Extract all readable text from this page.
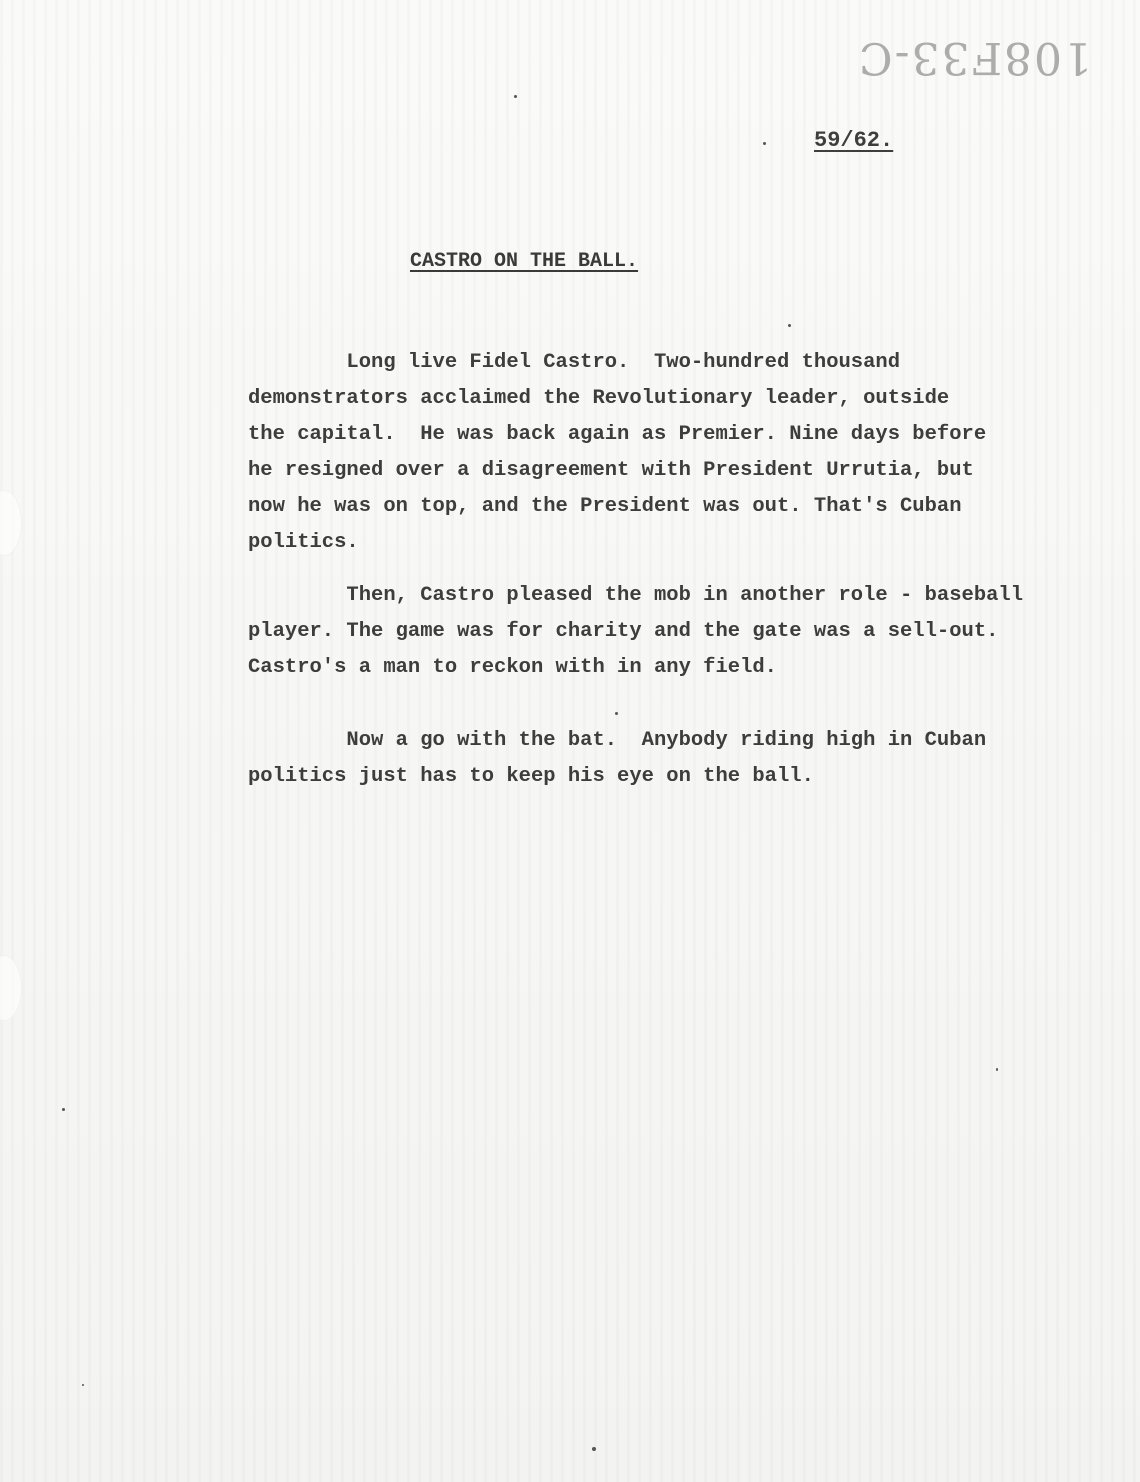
108F33-C
59/62.
CASTRO ON THE BALL.
Long live Fidel Castro.  Two-hundred thousand
demonstrators acclaimed the Revolutionary leader, outside
the capital.  He was back again as Premier. Nine days before
he resigned over a disagreement with President Urrutia, but
now he was on top, and the President was out. That's Cuban
politics.
Then, Castro pleased the mob in another role - baseball
player. The game was for charity and the gate was a sell-out.
Castro's a man to reckon with in any field.
Now a go with the bat.  Anybody riding high in Cuban
politics just has to keep his eye on the ball.
